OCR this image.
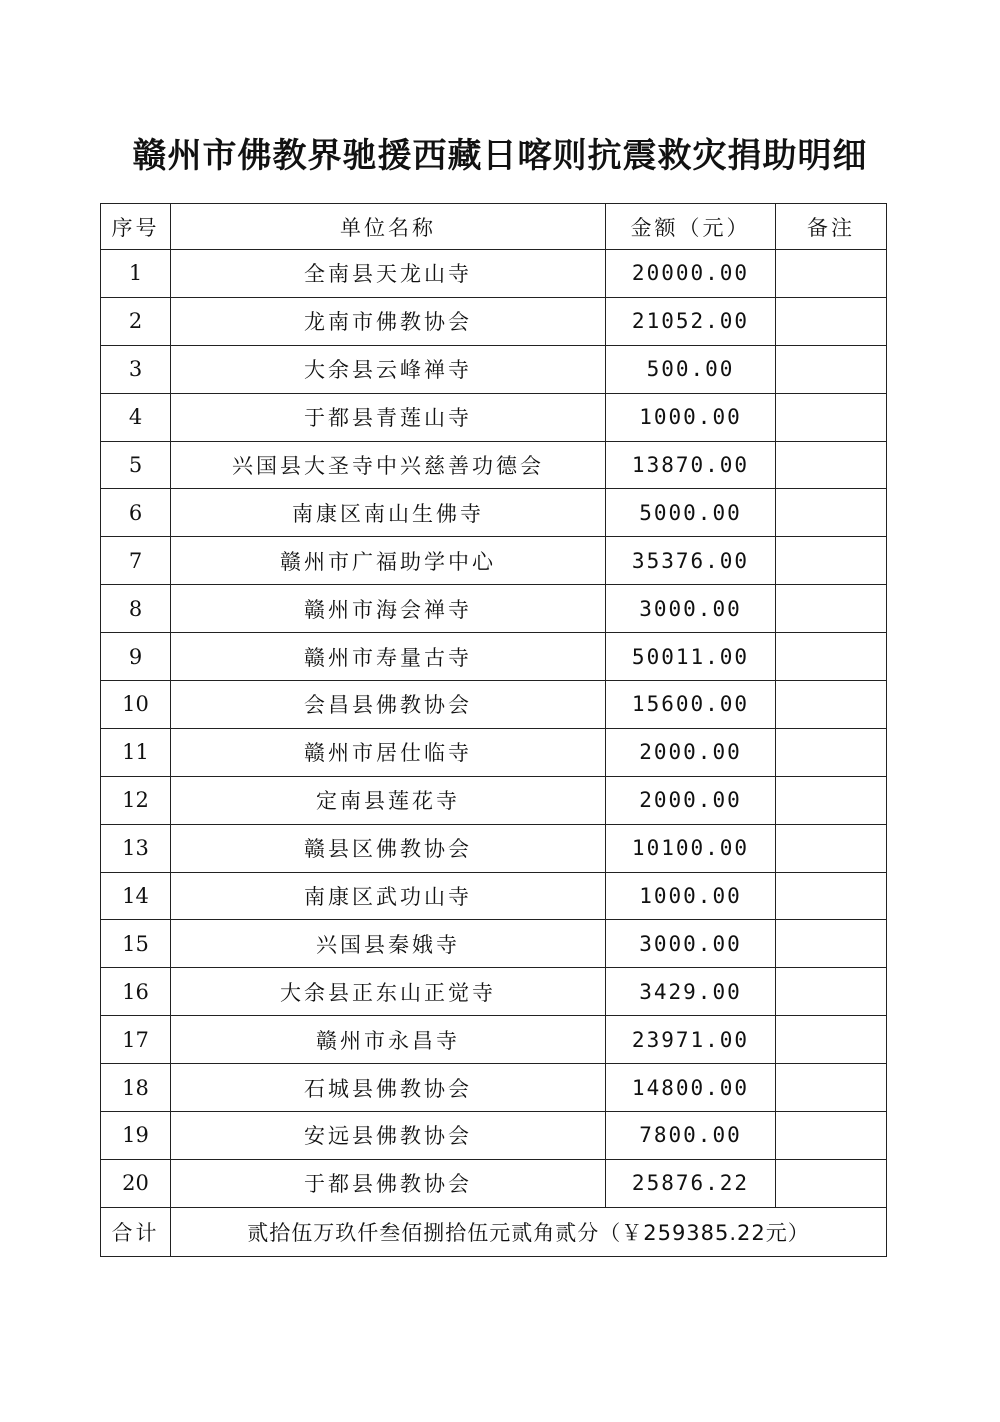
赣州市佛教界驰援西藏日喀则抗震救灾捐助明细
序号	单位名称	金额（元）	备注
1	全南县天龙山寺	20000.00	
2	龙南市佛教协会	21052.00	
3	大余县云峰禅寺	500.00	
4	于都县青莲山寺	1000.00	
5	兴国县大圣寺中兴慈善功德会	13870.00	
6	南康区南山生佛寺	5000.00	
7	赣州市广福助学中心	35376.00	
8	赣州市海会禅寺	3000.00	
9	赣州市寿量古寺	50011.00	
10	会昌县佛教协会	15600.00	
11	赣州市居仕临寺	2000.00	
12	定南县莲花寺	2000.00	
13	赣县区佛教协会	10100.00	
14	南康区武功山寺	1000.00	
15	兴国县秦娥寺	3000.00	
16	大余县正东山正觉寺	3429.00	
17	赣州市永昌寺	23971.00	
18	石城县佛教协会	14800.00	
19	安远县佛教协会	7800.00	
20	于都县佛教协会	25876.22	
合计	贰拾伍万玖仟叁佰捌拾伍元贰角贰分（￥259385.22元）		
